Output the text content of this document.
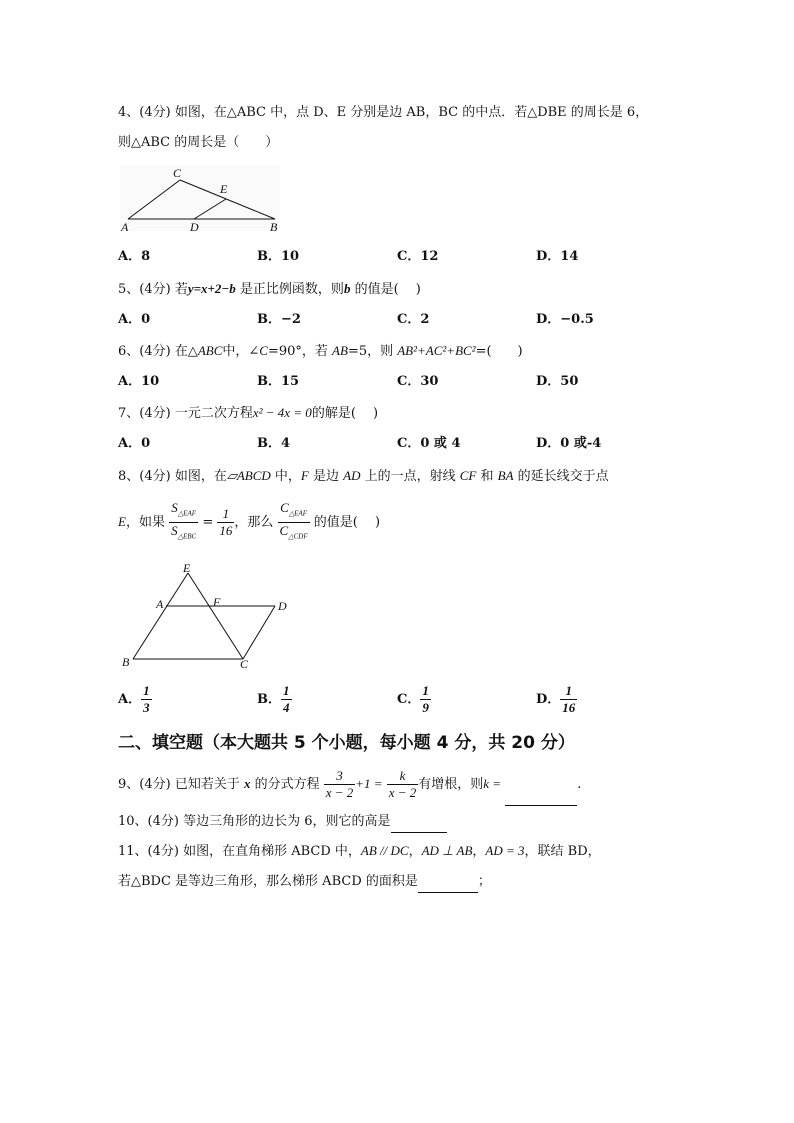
4、(4分) 如图，在△ABC 中，点 D、E 分别是边 AB，BC 的中点．若△DBE 的周长是 6，
则△ABC 的周长是（　　）
A	B
C
D
E
A．8	B．10	C．12	D．14
5、(4分) 若y=x+2−b 是正比例函数，则b 的值是(　 )
A．0	B．−2	C．2	D．−0.5
6、(4分) 在△ABC中，∠C=90°，若 AB=5，则 AB²+AC²+BC²=(　　)
A．10	B．15	C．30	D．50
7、(4分) 一元二次方程x² − 4x = 0的解是(　 )
A．0	B．4	C．0 或 4	D．0 或-4
8、(4分) 如图，在▱ABCD 中，F 是边 AD 上的一点，射线 CF 和 BA 的延长线交于点
E，如果 $\frac{S_{\triangle EAF}}{S_{\triangle EBC}} = \frac{1}{16}$ ，那么 $\frac{C_{\triangle EAF}}{C_{\triangle CDF}}$ 的值是(　 )
E
A	F	D
B	C
A． $\frac{1}{3}$	B． $\frac{1}{4}$	C． $\frac{1}{9}$	D． $\frac{1}{16}$
二、填空题（本大题共 5 个小题，每小题 4 分，共 20 分）
9、(4分) 已知若关于 x 的分式方程 $\frac{3}{x - 2} +1 = \frac{k}{x - 2}$ 有增根，则k =	.
10、(4分) 等边三角形的边长为 6，则它的高是
11、(4分) 如图，在直角梯形 ABCD 中，AB // DC，AD ⊥ AB，AD = 3，联结 BD，
若△BDC 是等边三角形，那么梯形 ABCD 的面积是	；
